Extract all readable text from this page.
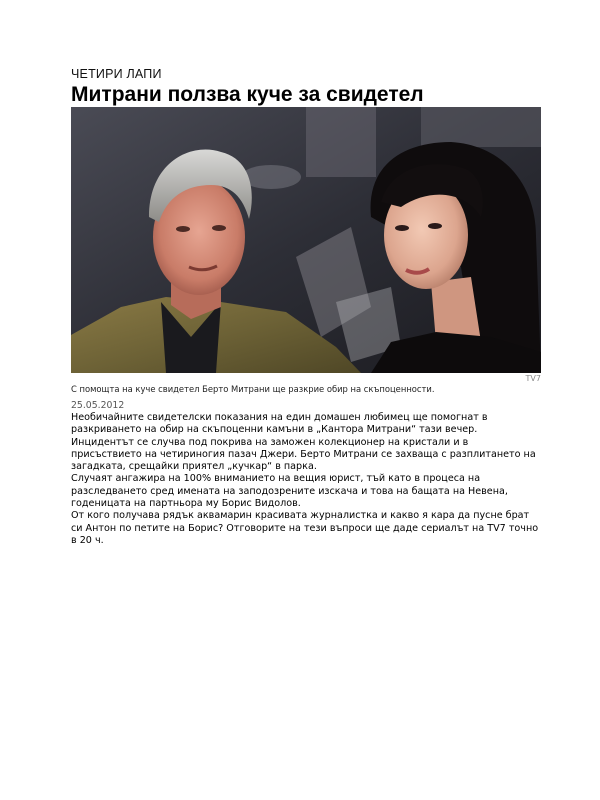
ЧЕТИРИ ЛАПИ
Митрани ползва куче за свидетел
TV7
С помощта на куче свидетел Берто Митрани ще разкрие обир на скъпоценности.
25.05.2012

Необичайните свидетелски показания на един домашен любимец ще помогнат в разкриването на обир на скъпоценни камъни в „Кантора Митрани“ тази вечер. Инцидентът се случва под покрива на заможен колекционер на кристали и в присъствието на четириногия пазач Джери. Берто Митрани се захваща с разплитането на загадката, срещайки приятел „кучкар“ в парка.

Случаят ангажира на 100% вниманието на вещия юрист, тъй като в процеса на разследването сред имената на заподозрените изскача и това на бащата на Невена, годеницата на партньора му Борис Видолов.

От кого получава рядък аквамарин красивата журналистка и какво я кара да пусне брат си Антон по петите на Борис? Отговорите на тези въпроси ще даде сериалът на TV7 точно в 20 ч.
